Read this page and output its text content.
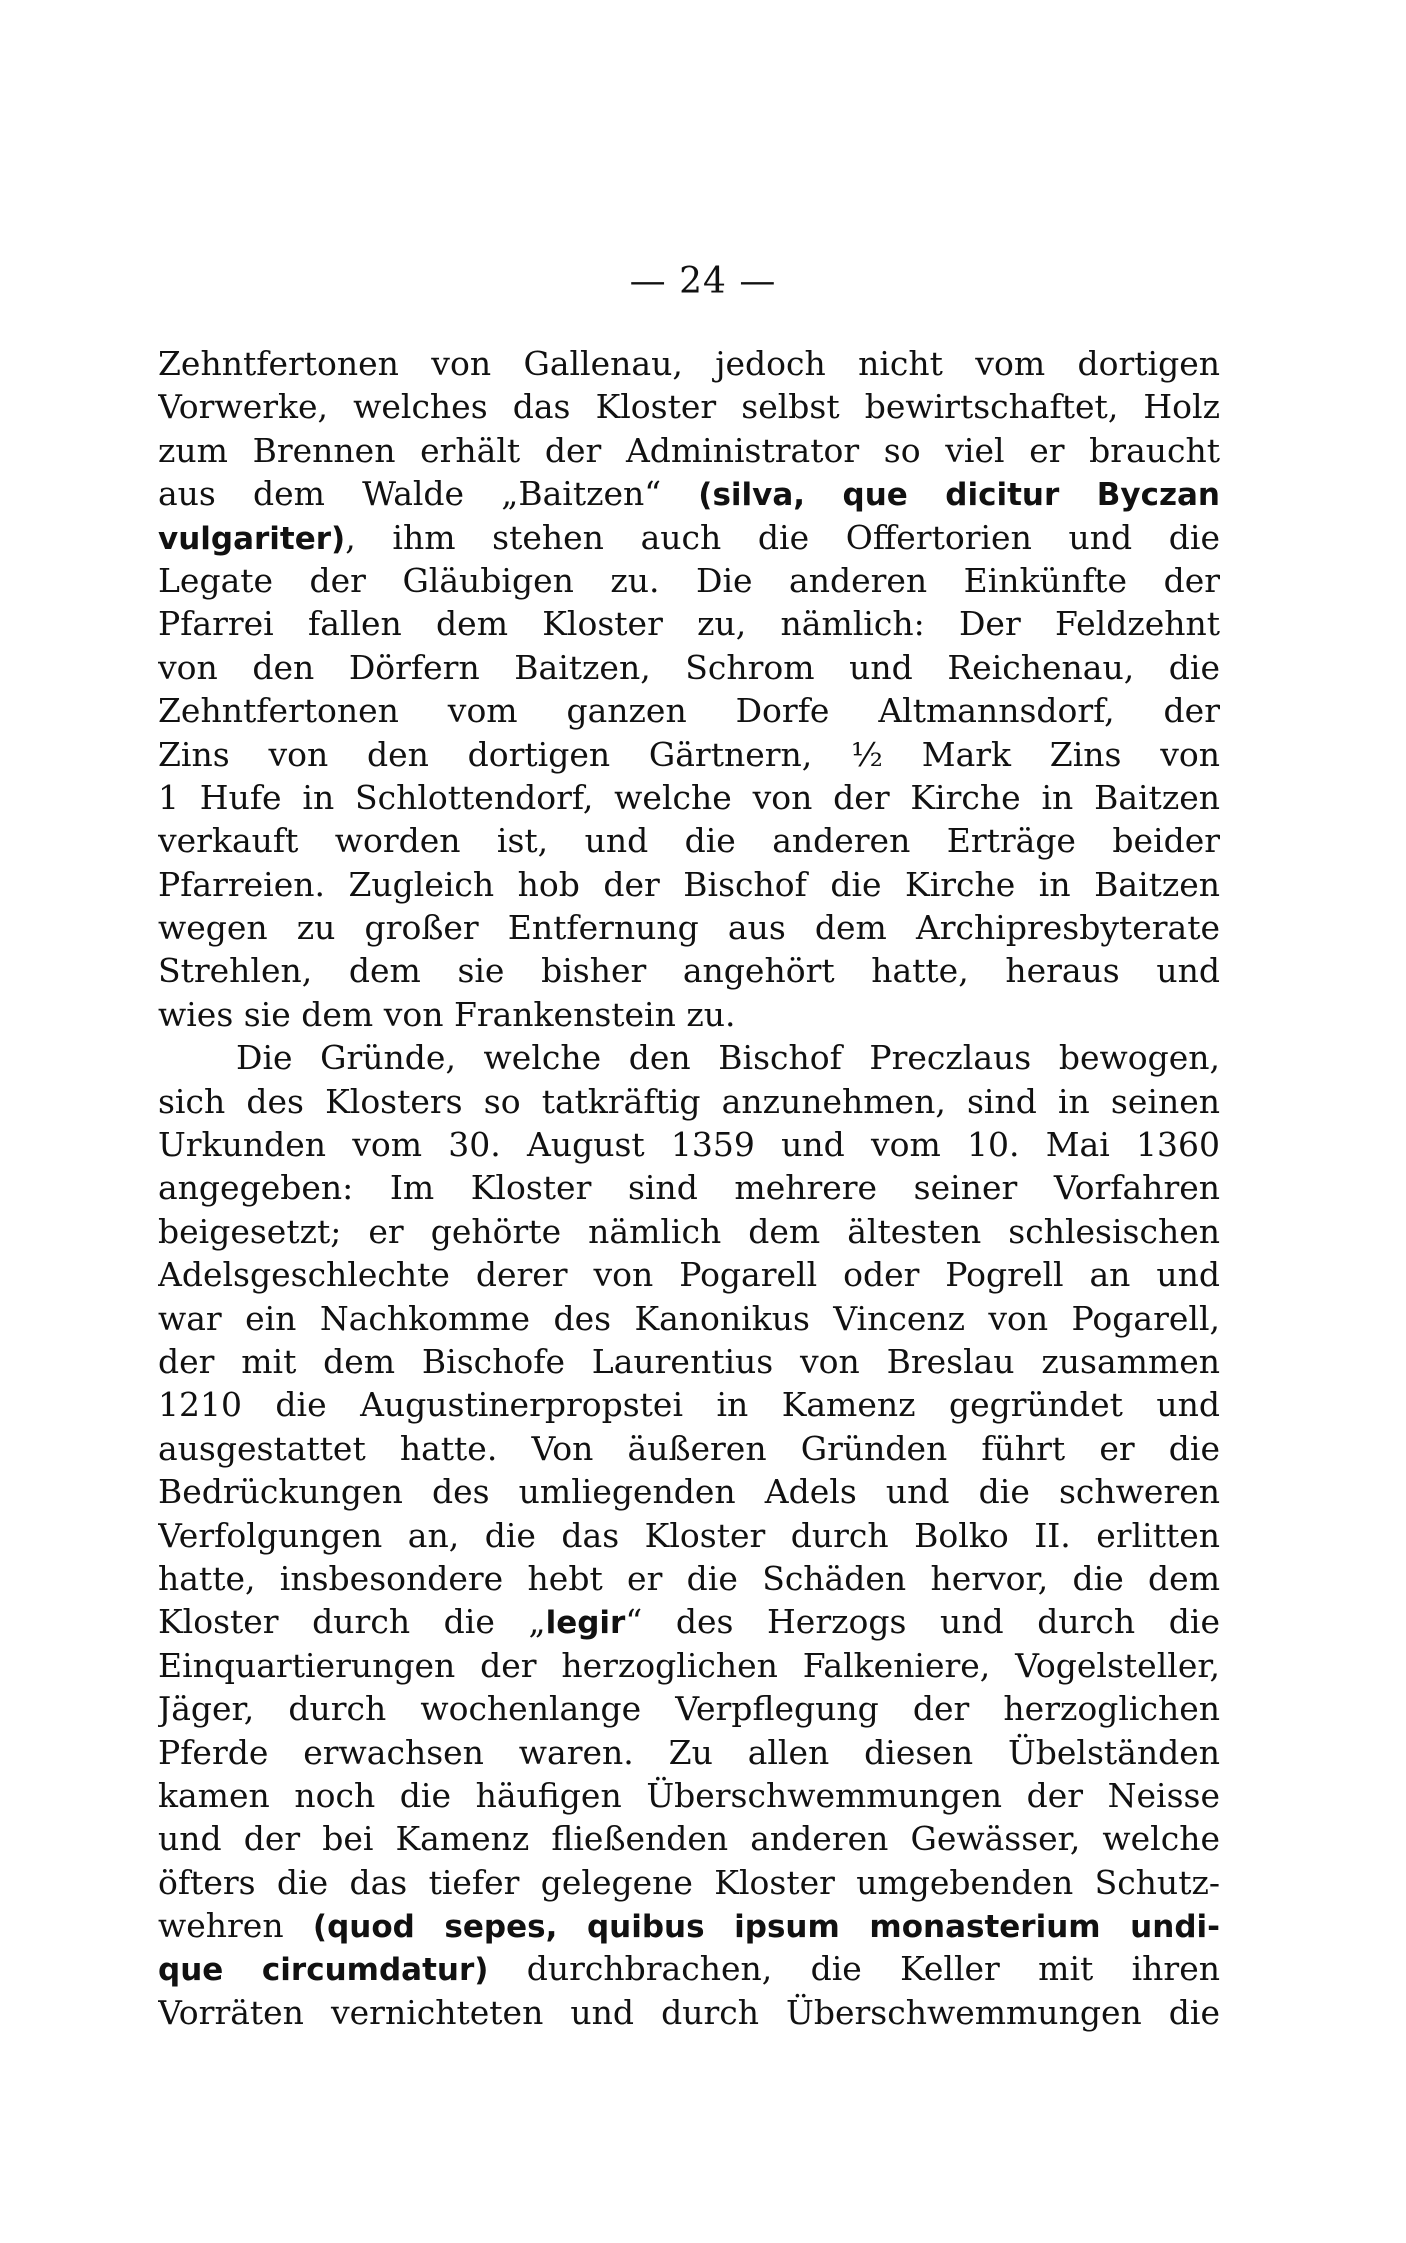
— 24 —
Zehntfertonen von Gallenau, jedoch nicht vom dortigen
Vorwerke, welches das Kloster selbst bewirtschaftet, Holz
zum Brennen erhält der Administrator so viel er braucht
aus dem Walde „Baitzen“ (silva, que dicitur Byczan
vulgariter), ihm stehen auch die Offertorien und die
Legate der Gläubigen zu. Die anderen Einkünfte der
Pfarrei fallen dem Kloster zu, nämlich: Der Feldzehnt
von den Dörfern Baitzen, Schrom und Reichenau, die
Zehntfertonen vom ganzen Dorfe Altmannsdorf, der
Zins von den dortigen Gärtnern, ½ Mark Zins von
1 Hufe in Schlottendorf, welche von der Kirche in Baitzen
verkauft worden ist, und die anderen Erträge beider
Pfarreien. Zugleich hob der Bischof die Kirche in Baitzen
wegen zu großer Entfernung aus dem Archipresbyterate
Strehlen, dem sie bisher angehört hatte, heraus und
wies sie dem von Frankenstein zu.
Die Gründe, welche den Bischof Preczlaus bewogen,
sich des Klosters so tatkräftig anzunehmen, sind in seinen
Urkunden vom 30. August 1359 und vom 10. Mai 1360
angegeben: Im Kloster sind mehrere seiner Vorfahren
beigesetzt; er gehörte nämlich dem ältesten schlesischen
Adelsgeschlechte derer von Pogarell oder Pogrell an und
war ein Nachkomme des Kanonikus Vincenz von Pogarell,
der mit dem Bischofe Laurentius von Breslau zusammen
1210 die Augustinerpropstei in Kamenz gegründet und
ausgestattet hatte. Von äußeren Gründen führt er die
Bedrückungen des umliegenden Adels und die schweren
Verfolgungen an, die das Kloster durch Bolko II. erlitten
hatte, insbesondere hebt er die Schäden hervor, die dem
Kloster durch die „legir“ des Herzogs und durch die
Einquartierungen der herzoglichen Falkeniere, Vogelsteller,
Jäger, durch wochenlange Verpflegung der herzoglichen
Pferde erwachsen waren. Zu allen diesen Übelständen
kamen noch die häufigen Überschwemmungen der Neisse
und der bei Kamenz fließenden anderen Gewässer, welche
öfters die das tiefer gelegene Kloster umgebenden Schutz-
wehren (quod sepes, quibus ipsum monasterium undi-
que circumdatur) durchbrachen, die Keller mit ihren
Vorräten vernichteten und durch Überschwemmungen die
